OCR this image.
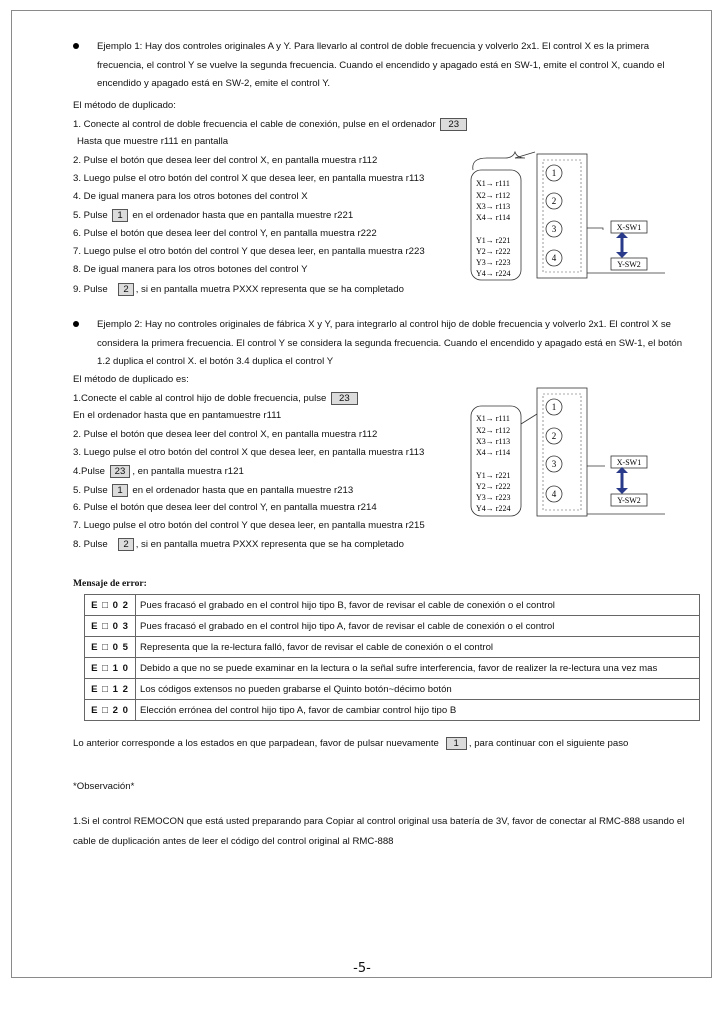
Ejemplo 1: Hay dos controles originales A y Y. Para llevarlo al control de doble frecuencia y volverlo 2x1. El control X es la primera frecuencia, el control Y se vuelve la segunda frecuencia. Cuando el encendido y apagado está en SW-1, emite el control X, cuando el encendido y apagado está en SW-2, emite el control Y.
El método de duplicado:
1. Conecte al control de doble frecuencia el cable de conexión, pulse en el ordenador 23
Hasta que muestre r111 en pantalla
2. Pulse el botón que desea leer del control X, en pantalla muestra r112
3. Luego pulse el otro botón del control X que desea leer, en pantalla muestra r113
4. De igual manera para los otros botones del control X
5. Pulse 1 en el ordenador hasta que en pantalla muestre r221
6. Pulse el botón que desea leer del control Y, en pantalla muestra r222
7. Luego pulse el otro botón del control Y que desea leer, en pantalla muestra r223
8. De igual manera para los otros botones del control Y
9. Pulse 2 , si en pantalla muetra PXXX representa que se ha completado
X1→ r111
X2→ r112
X3→ r113
X4→ r114
Y1→ r221
Y2→ r222
Y3→ r223
Y4→ r224
1
2
3
4
X-SW1
Y-SW2
Ejemplo 2: Hay no controles originales de fábrica X y Y, para integrarlo al control hijo de doble frecuencia y volverlo 2x1. El control X se considera la primera frecuencia. El control Y se considera la segunda frecuencia. Cuando el encendido y apagado está en SW-1, el botón 1.2 duplica el control X. el botón 3.4 duplica el control Y
El método de duplicado es:
1.Conecte el cable al control hijo de doble frecuencia, pulse 23
En el ordenador hasta que en pantamuestre r111
2. Pulse el botón que desea leer del control X, en pantalla muestra r112
3. Luego pulse el otro botón del control X que desea leer, en pantalla muestra r113
4.Pulse 23 , en pantalla muestra r121
5. Pulse 1 en el ordenador hasta que en pantalla muestre r213
6. Pulse el botón que desea leer del control Y, en pantalla muestra r214
7. Luego pulse el otro botón del control Y que desea leer, en pantalla muestra r215
8. Pulse 2 , si en pantalla muetra PXXX representa que se ha completado
X1→ r111
X2→ r112
X3→ r113
X4→ r114
Y1→ r221
Y2→ r222
Y3→ r223
Y4→ r224
1
2
3
4
X-SW1
Y-SW2
Mensaje de error:
E □ 0 2	Pues fracasó el grabado en el control hijo tipo B, favor de revisar el cable de conexión o el control
E □ 0 3	Pues fracasó el grabado en el control hijo tipo A, favor de revisar el cable de conexión o el control
E □ 0 5	Representa que la re-lectura falló, favor de revisar el cable de conexión o el control
E □ 1 0	Debido a que no se puede examinar en la lectura o la señal sufre interferencia, favor de realizer la re-lectura una vez mas
E □ 1 2	Los códigos extensos no pueden grabarse el Quinto botón~décimo botón
E □ 2 0	Elección errónea del control hijo tipo A, favor de cambiar control hijo tipo B
Lo anterior corresponde a los estados en que parpadean, favor de pulsar nuevamente 1 , para continuar con el siguiente paso
*Observación*
1.Si el control REMOCON que está usted preparando para Copiar al control original usa batería de 3V, favor de conectar al RMC-888 usando el cable de duplicación antes de leer el código del control original al RMC-888
-5-
